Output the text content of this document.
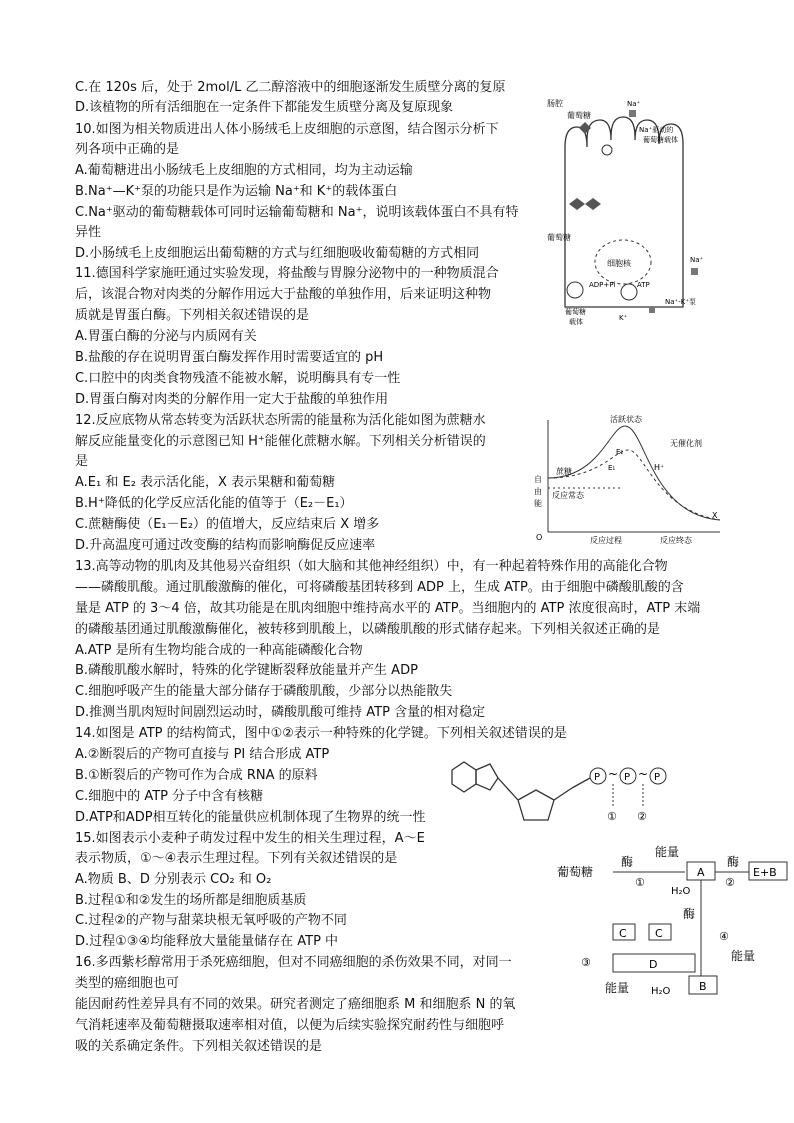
C.在 120s 后，处于 2mol/L 乙二醇溶液中的细胞逐渐发生质壁分离的复原
D.该植物的所有活细胞在一定条件下都能发生质壁分离及复原现象
10.如图为相关物质进出人体小肠绒毛上皮细胞的示意图，结合图示分析下
列各项中正确的是
A.葡萄糖进出小肠绒毛上皮细胞的方式相同，均为主动运输
B.Na⁺—K⁺泵的功能只是作为运输 Na⁺和 K⁺的载体蛋白
C.Na⁺驱动的葡萄糖载体可同时运输葡萄糖和 Na⁺，说明该载体蛋白不具有特
异性
D.小肠绒毛上皮细胞运出葡萄糖的方式与红细胞吸收葡萄糖的方式相同
11.德国科学家施旺通过实验发现，将盐酸与胃腺分泌物中的一种物质混合
后，该混合物对肉类的分解作用远大于盐酸的单独作用，后来证明这种物
质就是胃蛋白酶。下列相关叙述错误的是
A.胃蛋白酶的分泌与内质网有关
B.盐酸的存在说明胃蛋白酶发挥作用时需要适宜的 pH
C.口腔中的肉类食物残渣不能被水解，说明酶具有专一性
D.胃蛋白酶对肉类的分解作用一定大于盐酸的单独作用
12.反应底物从常态转变为活跃状态所需的能量称为活化能如图为蔗糖水
解反应能量变化的示意图已知 H⁺能催化蔗糖水解。下列相关分析错误的
是
A.E₁ 和 E₂ 表示活化能，X 表示果糖和葡萄糖
B.H⁺降低的化学反应活化能的值等于（E₂－E₁）
C.蔗糖酶使（E₁－E₂）的值增大，反应结束后 X 增多
D.升高温度可通过改变酶的结构而影响酶促反应速率
13.高等动物的肌肉及其他易兴奋组织（如大脑和其他神经组织）中，有一种起着特殊作用的高能化合物
——磷酸肌酸。通过肌酸激酶的催化，可将磷酸基团转移到 ADP 上，生成 ATP。由于细胞中磷酸肌酸的含
量是 ATP 的 3～4 倍，故其功能是在肌肉细胞中维持高水平的 ATP。当细胞内的 ATP 浓度很高时，ATP 末端
的磷酸基团通过肌酸激酶催化，被转移到肌酸上，以磷酸肌酸的形式储存起来。下列相关叙述正确的是
A.ATP 是所有生物均能合成的一种高能磷酸化合物
B.磷酸肌酸水解时，特殊的化学键断裂释放能量并产生 ADP
C.细胞呼吸产生的能量大部分储存于磷酸肌酸，少部分以热能散失
D.推测当肌肉短时间剧烈运动时，磷酸肌酸可维持 ATP 含量的相对稳定
14.如图是 ATP 的结构简式，图中①②表示一种特殊的化学键。下列相关叙述错误的是
A.②断裂后的产物可直接与 PI 结合形成 ATP
B.①断裂后的产物可作为合成 RNA 的原料
C.细胞中的 ATP 分子中含有核糖
D.ATP和ADP相互转化的能量供应机制体现了生物界的统一性
15.如图表示小麦种子萌发过程中发生的相关生理过程，A～E
表示物质，①～④表示生理过程。下列有关叙述错误的是
A.物质 B、D 分别表示 CO₂ 和 O₂
B.过程①和②发生的场所都是细胞质基质
C.过程②的产物与甜菜块根无氧呼吸的产物不同
D.过程①③④均能释放大量能量储存在 ATP 中
16.多西紫杉醇常用于杀死癌细胞，但对不同癌细胞的杀伤效果不同，对同一
类型的癌细胞也可
能因耐药性差异具有不同的效果。研究者测定了癌细胞系 M 和细胞系 N 的氧
气消耗速率及葡萄糖摄取速率相对值，以便为后续实验探究耐药性与细胞呼
吸的关系确定条件。下列相关叙述错误的是
细胞核
肠腔
葡萄糖
Na⁺
Na⁺驱动的
葡萄糖载体
葡萄糖
Na⁺
ADP+Pi	ATP
葡萄糖
载体
Na⁺-K⁺泵
K⁺
活跃状态
E₂
E₁
无催化剂
H⁺
蔗糖
反应常态
自
由
能
O
X
反应过程	反应终态
P ~ P ~ P
① ②
葡萄糖
酶
能量
①
A
酶
②
E+B
H₂O
酶
④
能量
B
C	C
D
③
能量 H₂O
